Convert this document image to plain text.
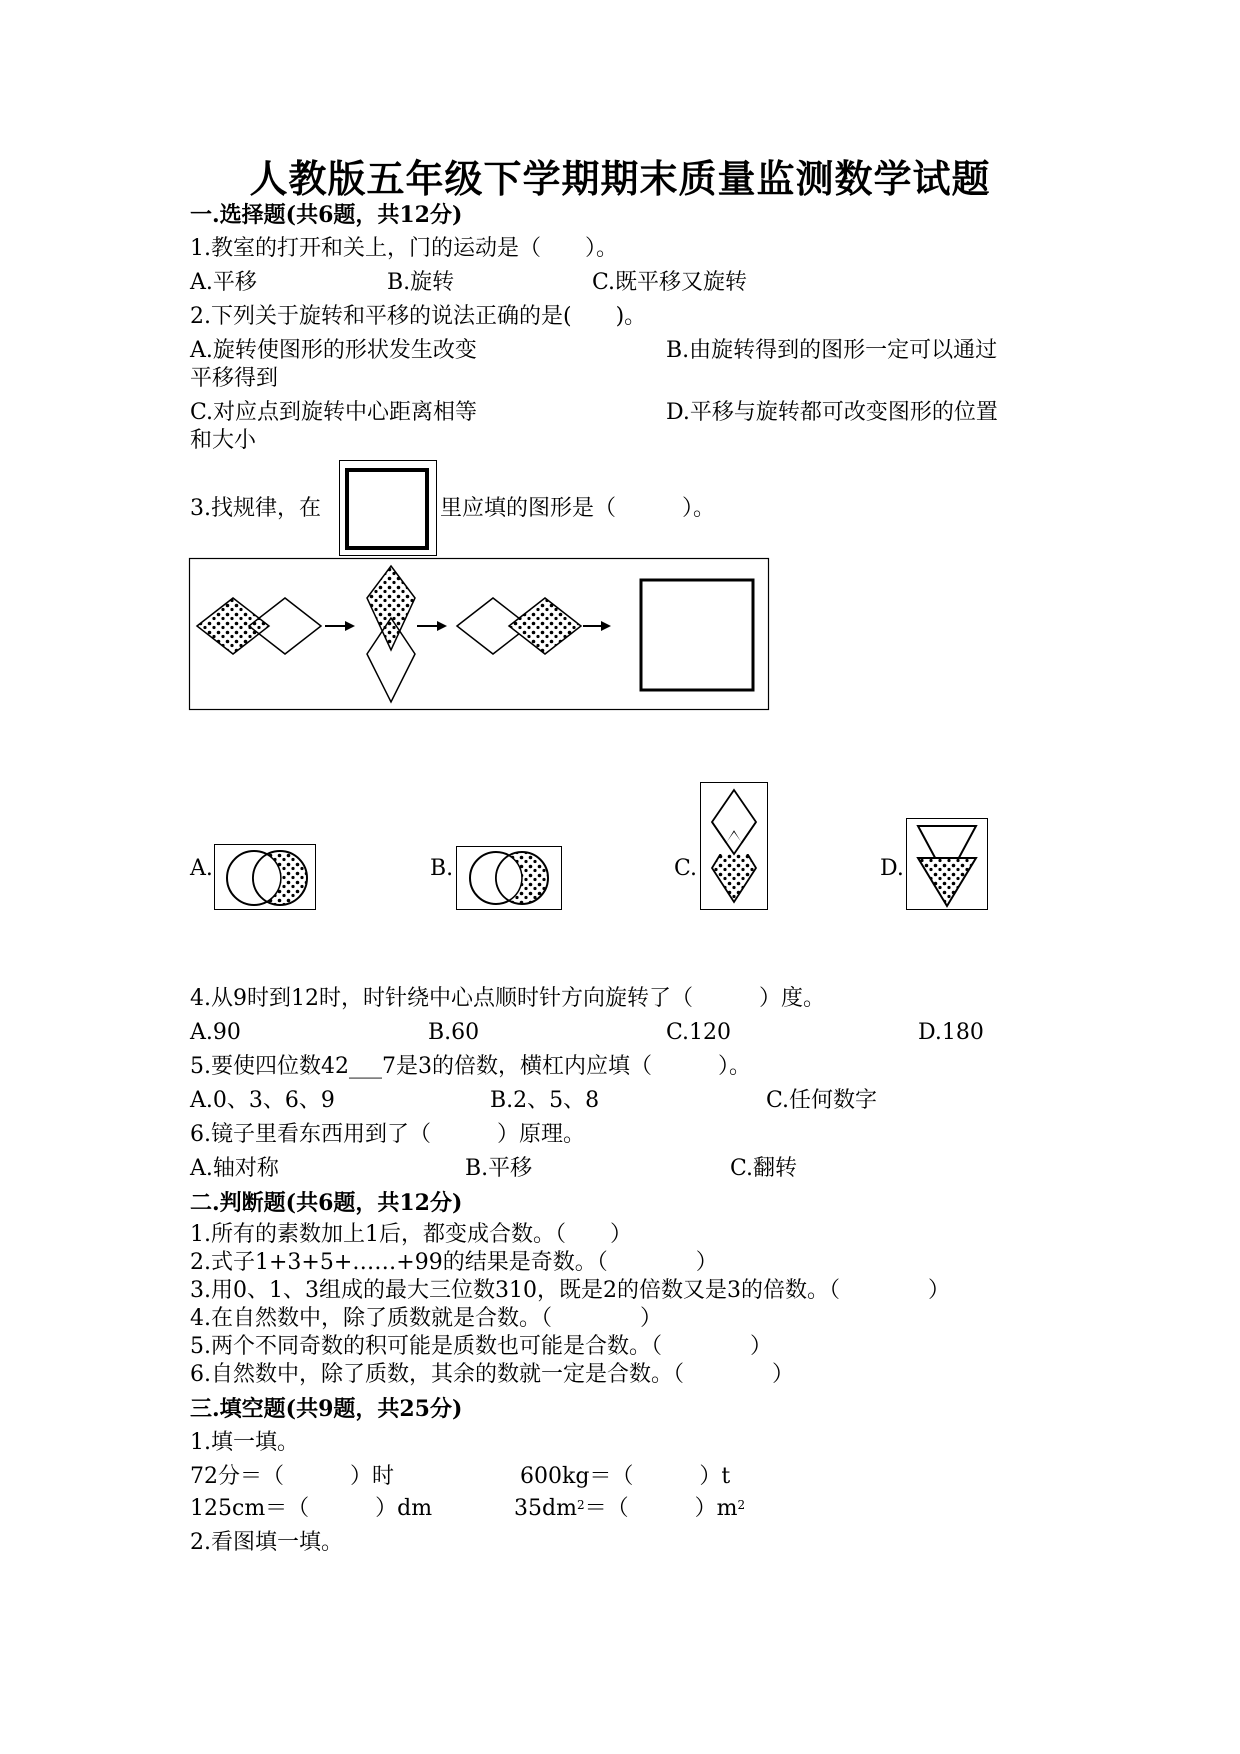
人教版五年级下学期期末质量监测数学试题
一.选择题(共6题，共12分)
1.教室的打开和关上，门的运动是（　　）。
A.平移	B.旋转	C.既平移又旋转
2.下列关于旋转和平移的说法正确的是(　　)。
A.旋转使图形的形状发生改变	B.由旋转得到的图形一定可以通过
平移得到
C.对应点到旋转中心距离相等	D.平移与旋转都可改变图形的位置
和大小
3.找规律，在	里应填的图形是（　　　）。
A.	B.	C.	D.
4.从9时到12时，时针绕中心点顺时针方向旋转了（　　　）度。
A.90	B.60	C.120	D.180
5.要使四位数42___7是3的倍数，横杠内应填（　　　）。
A.0、3、6、9	B.2、5、8	C.任何数字
6.镜子里看东西用到了（　　　）原理。
A.轴对称	B.平移	C.翻转
二.判断题(共6题，共12分)
1.所有的素数加上1后，都变成合数。（　　）
2.式子1+3+5+……+99的结果是奇数。（　　　　）
3.用0、1、3组成的最大三位数310，既是2的倍数又是3的倍数。（　　　　）
4.在自然数中，除了质数就是合数。（　　　　）
5.两个不同奇数的积可能是质数也可能是合数。（　　　　）
6.自然数中，除了质数，其余的数就一定是合数。（　　　　）
三.填空题(共9题，共25分)
1.填一填。
72分＝（　　　）时	600kg＝（　　　）t
125cm＝（　　　）dm	$35dm^2=$（　　　）$m^2$
2.看图填一填。
